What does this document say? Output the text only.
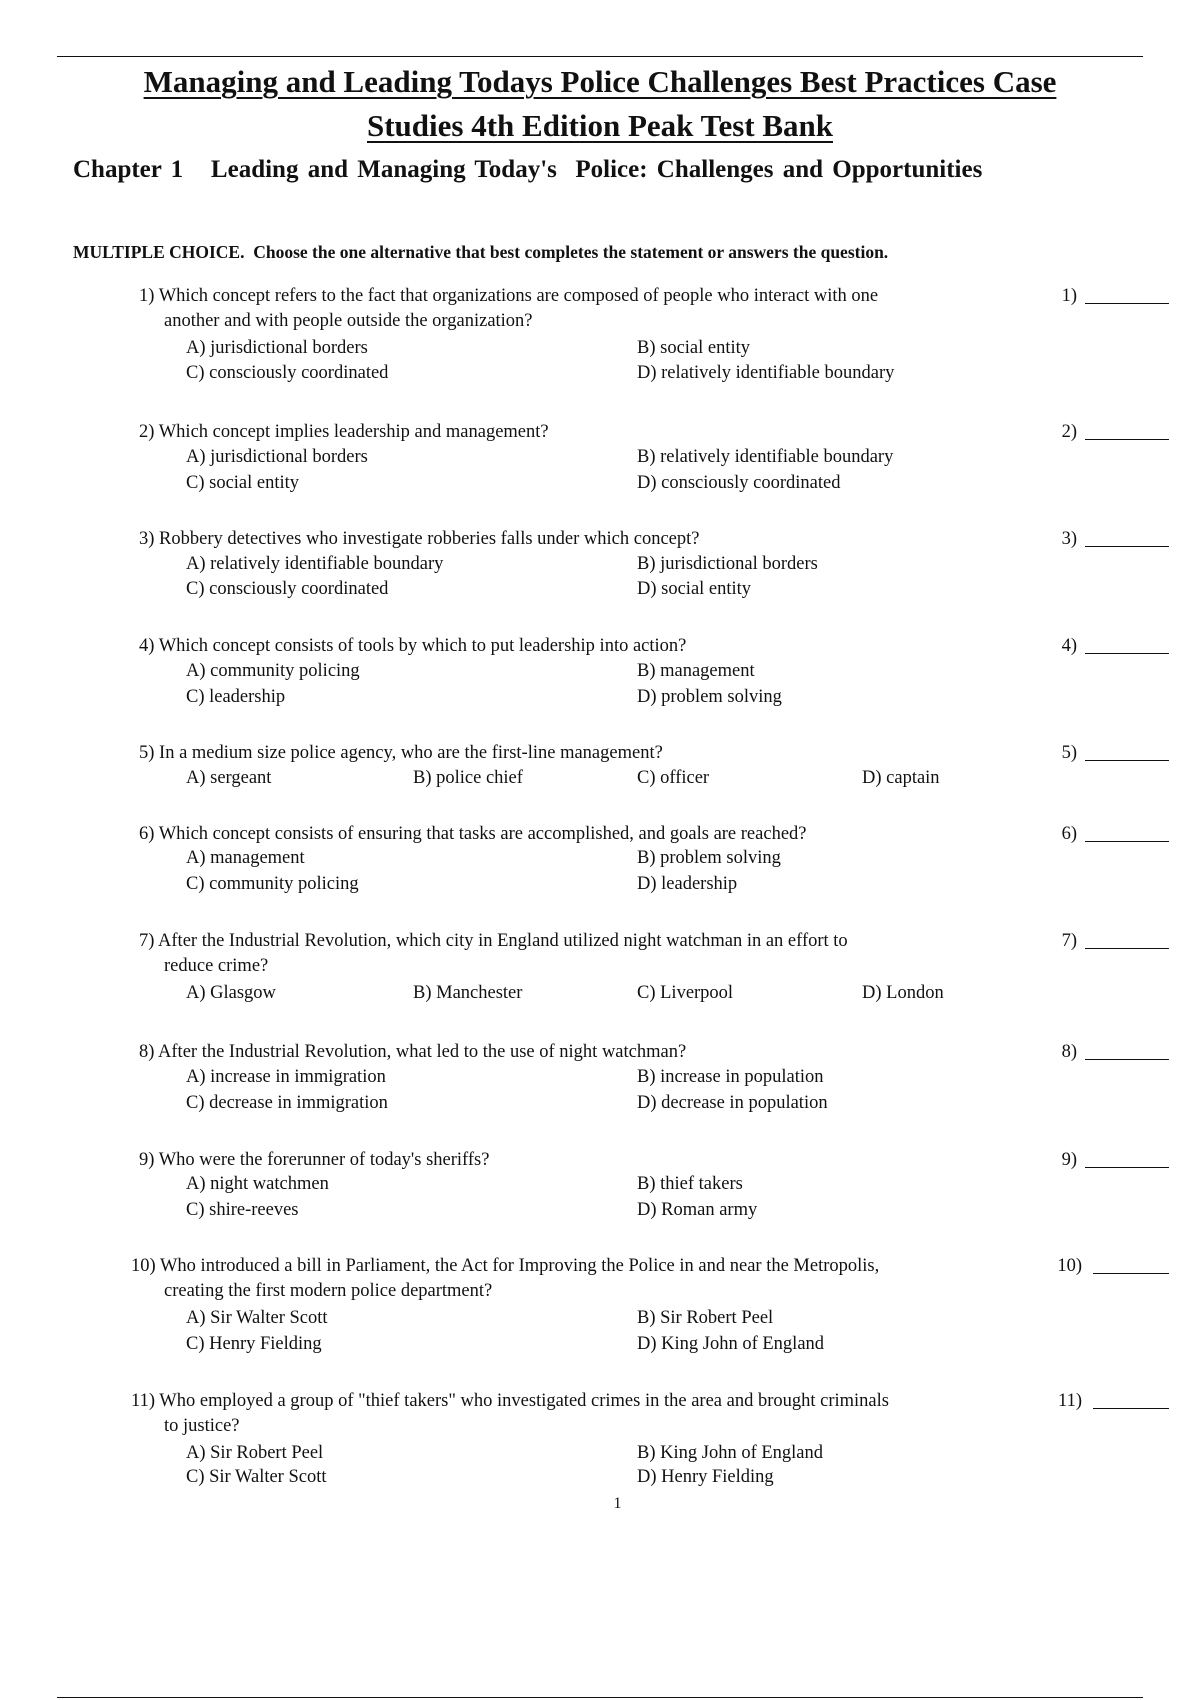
Managing and Leading Todays Police Challenges Best Practices Case
Studies 4th Edition Peak Test Bank
Chapter 1   Leading and Managing Today's  Police: Challenges and Opportunities
MULTIPLE CHOICE. Choose the one alternative that best completes the statement or answers the question.
1) Which concept refers to the fact that organizations are composed of people who interact with one
another and with people outside the organization?
1)
A) jurisdictional borders	B) social entity
C) consciously coordinated	D) relatively identifiable boundary
2) Which concept implies leadership and management?	2)
A) jurisdictional borders	B) relatively identifiable boundary
C) social entity	D) consciously coordinated
3) Robbery detectives who investigate robberies falls under which concept?	3)
A) relatively identifiable boundary	B) jurisdictional borders
C) consciously coordinated	D) social entity
4) Which concept consists of tools by which to put leadership into action?	4)
A) community policing	B) management
C) leadership	D) problem solving
5) In a medium size police agency, who are the first-line management?	5)
A) sergeant	B) police chief	C) officer	D) captain
6) Which concept consists of ensuring that tasks are accomplished, and goals are reached?	6)
A) management	B) problem solving
C) community policing	D) leadership
7) After the Industrial Revolution, which city in England utilized night watchman in an effort to
reduce crime?
7)
A) Glasgow	B) Manchester	C) Liverpool	D) London
8) After the Industrial Revolution, what led to the use of night watchman?	8)
A) increase in immigration	B) increase in population
C) decrease in immigration	D) decrease in population
9) Who were the forerunner of today's sheriffs?	9)
A) night watchmen	B) thief takers
C) shire-reeves	D) Roman army
10) Who introduced a bill in Parliament, the Act for Improving the Police in and near the Metropolis,
creating the first modern police department?
10)
A) Sir Walter Scott	B) Sir Robert Peel
C) Henry Fielding	D) King John of England
11) Who employed a group of "thief takers" who investigated crimes in the area and brought criminals
to justice?
11)
A) Sir Robert Peel	B) King John of England
C) Sir Walter Scott	D) Henry Fielding
1
